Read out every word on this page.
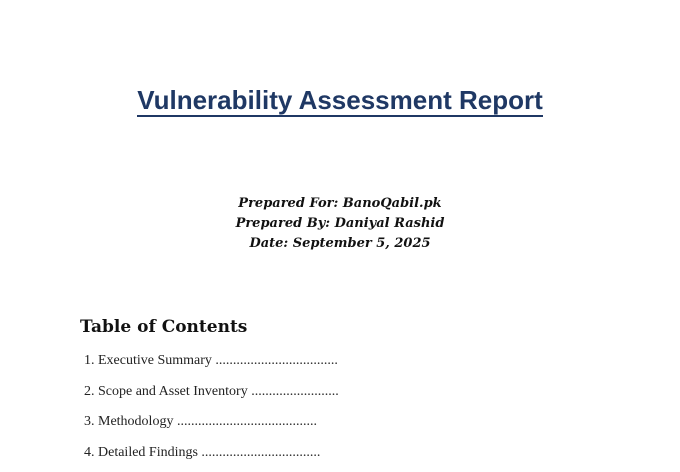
Vulnerability Assessment Report
Prepared For: BanoQabil.pk
Prepared By: Daniyal Rashid
Date: September 5, 2025
Table of Contents
1. Executive Summary ...................................
2. Scope and Asset Inventory .........................
3. Methodology ........................................
4. Detailed Findings ..................................
